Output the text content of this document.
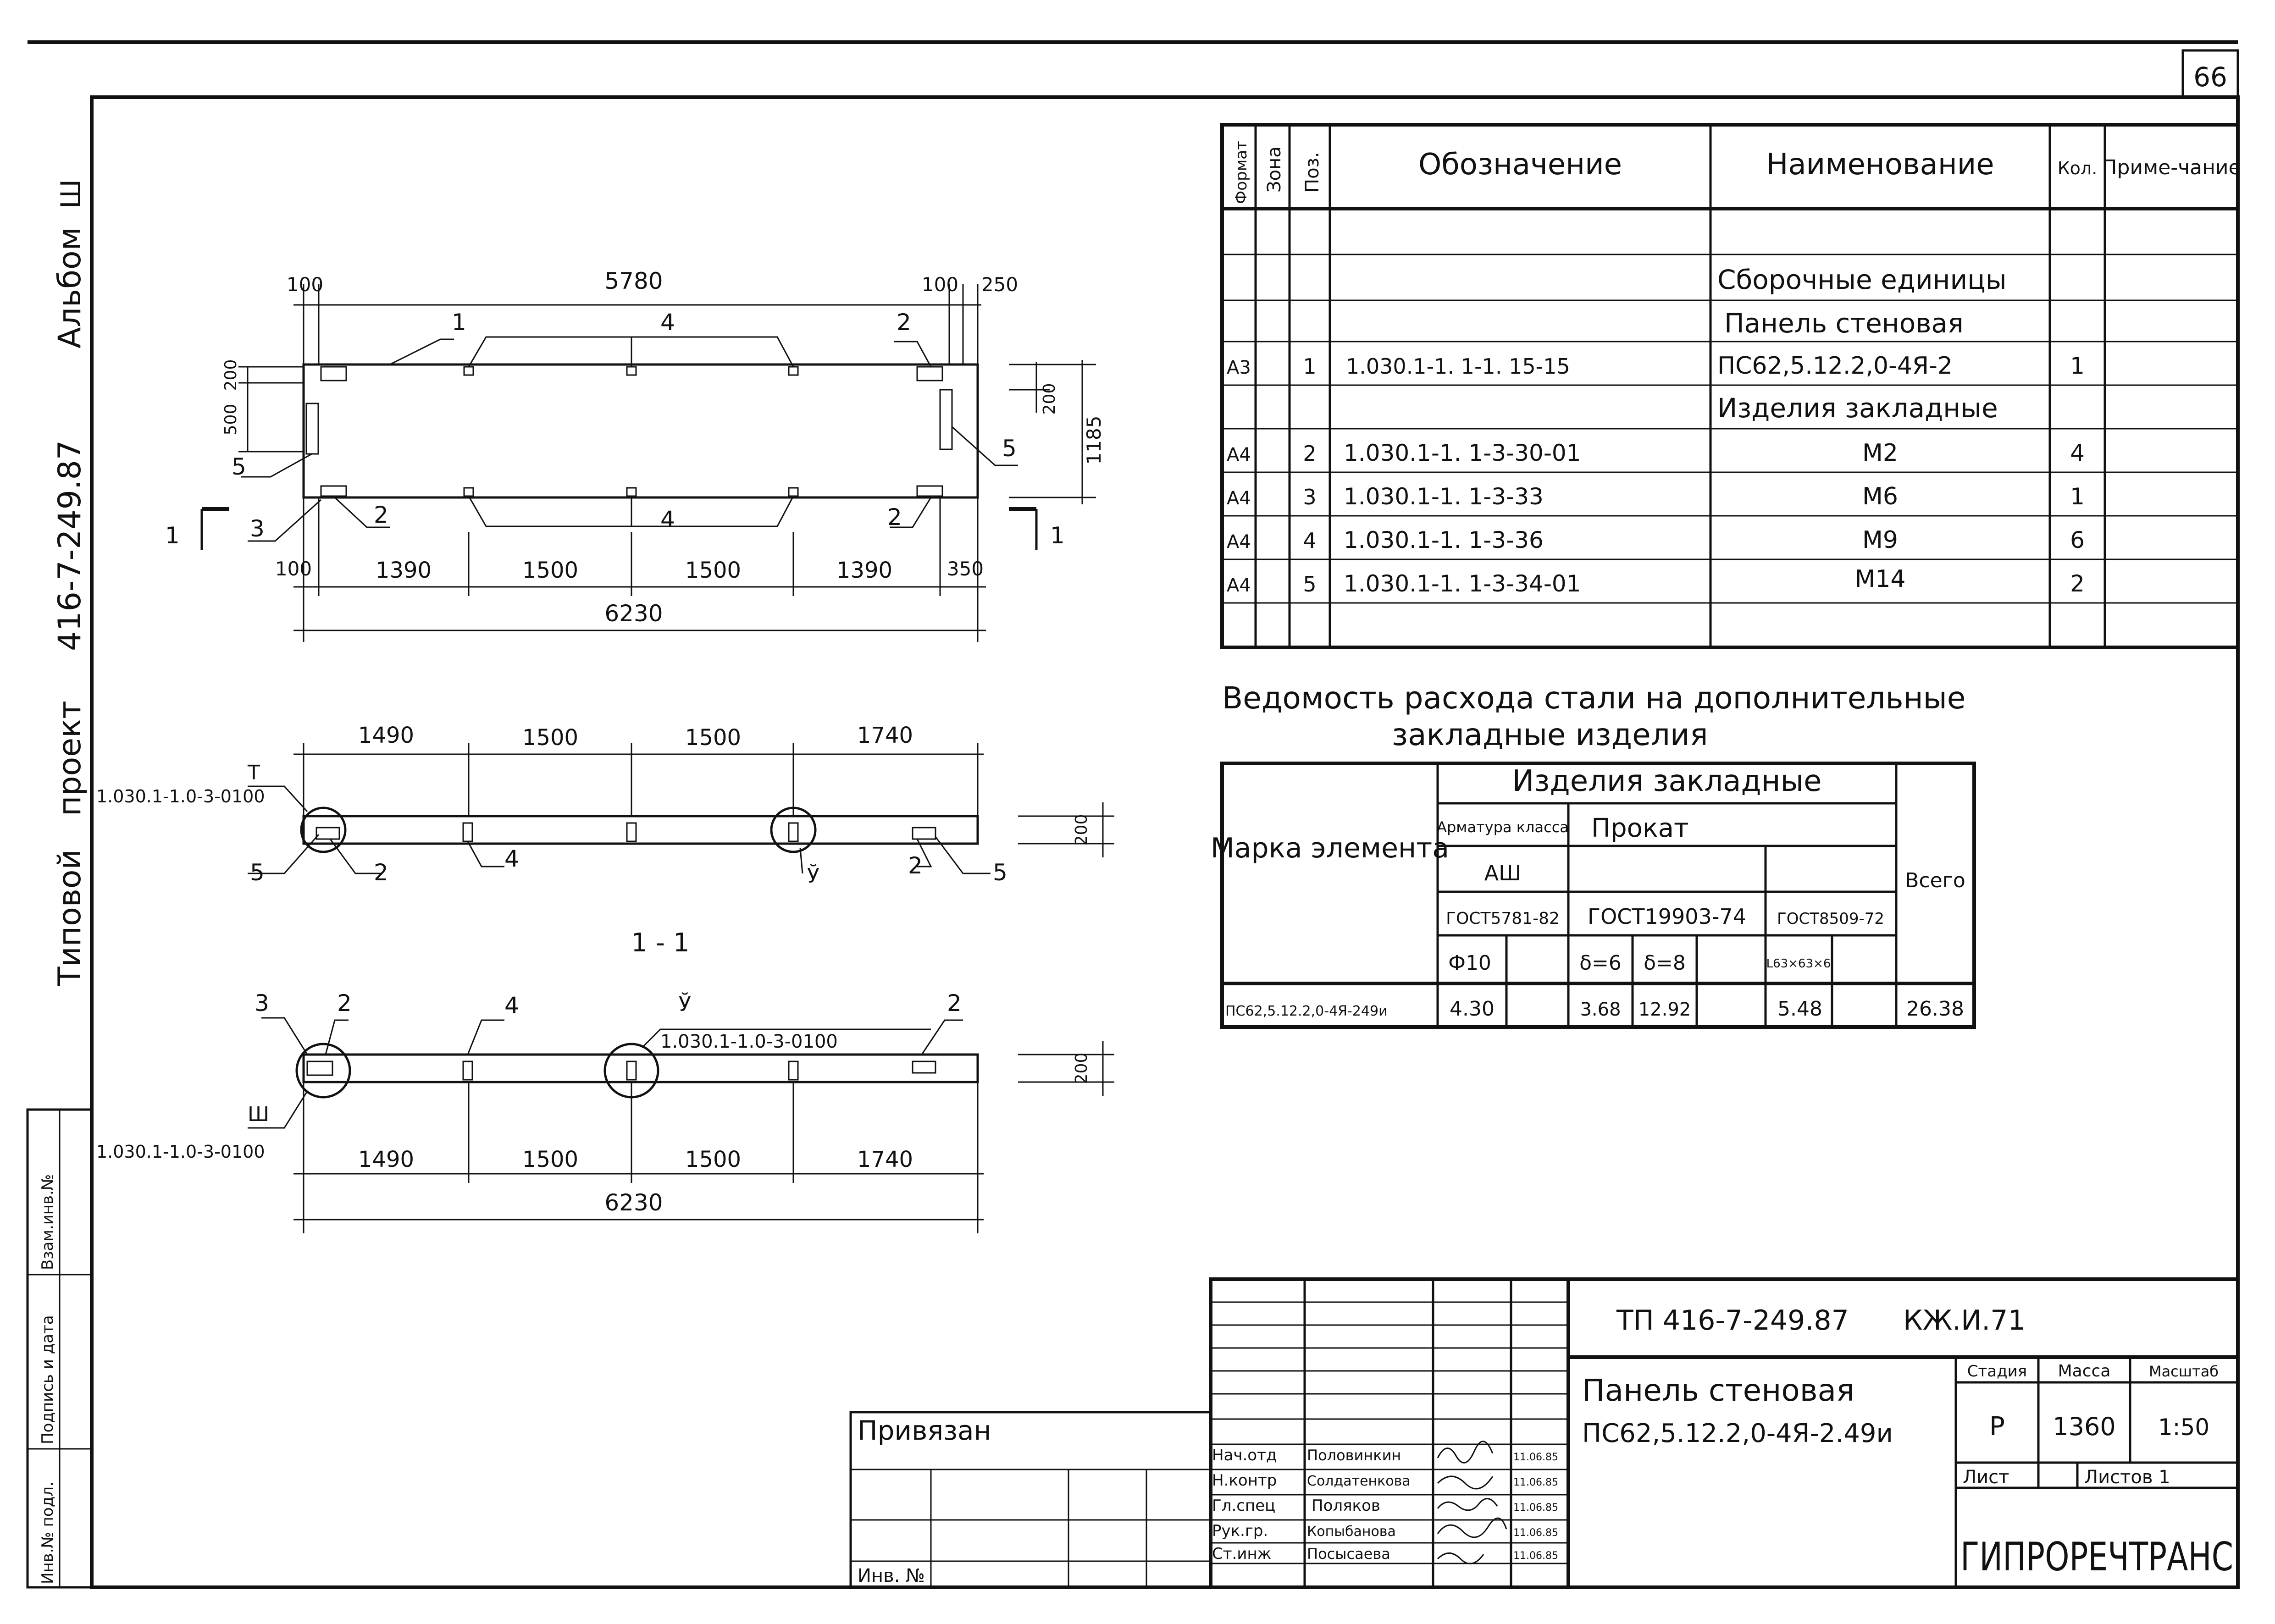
66
Альбом
Ш
416-7-249.87
Типовой
проект
Инв.№ подл.
Подпись и дата
Взам.инв.№
Формат Зона Поз.	Обозначение	Наименование	Кол. Приме-чание
Сборочные единицы
Панель стеновая
А3 1 1.030.1-1. 1-1. 15-15	ПС62,5.12.2,0-4Я-2	1
Изделия закладные
А4 2 1.030.1-1. 1-3-30-01	М2	4
А4 3 1.030.1-1. 1-3-33	М6	1
А4 4 1.030.1-1. 1-3-36	М9	6
А4 5 1.030.1-1. 1-3-34-01	М14	2
Ведомость расхода стали на дополнительные
закладные изделия
Марка элемента
Изделия закладные
Арматура класса Прокат
Всего
АШ
ГОСТ5781-82 ГОСТ19903-74 ГОСТ8509-72
Ф10	δ=6 δ=8	L63×63×6
ПС62,5.12.2,0-4Я-249и	4.30	3.68 12.92	5.48	26.38
100	5780	100 250
100	1390	1500	1500	1390	350
6230
1185
200
200
500
1	4	2
5
3
2	4	2
5
1	1
1490	1500	1500	1740
200
Т
1.030.1-1.0-3-0100
5	2
4	2	5
Ў
1 - 1
3	2	4	2
Ў
1.030.1-1.0-3-0100
Ш
1.030.1-1.0-3-0100	1490	1500	1500	1740
6230
200
ТП 416-7-249.87 КЖ.И.71
Панель стеновая
ПС62,5.12.2,0-4Я-2.49и
Стадия Масса	Масштаб
Р 1360 1:50
Лист	Листов 1
ГИПРОРЕЧТРАНС
Нач.отд Половинкин	11.06.85
Н.контр Солдатенкова	11.06.85
Гл.спец Поляков	11.06.85
Рук.гр.	Копыбанова	11.06.85
Ст.инж Посысаева	11.06.85
Привязан
Инв. №
